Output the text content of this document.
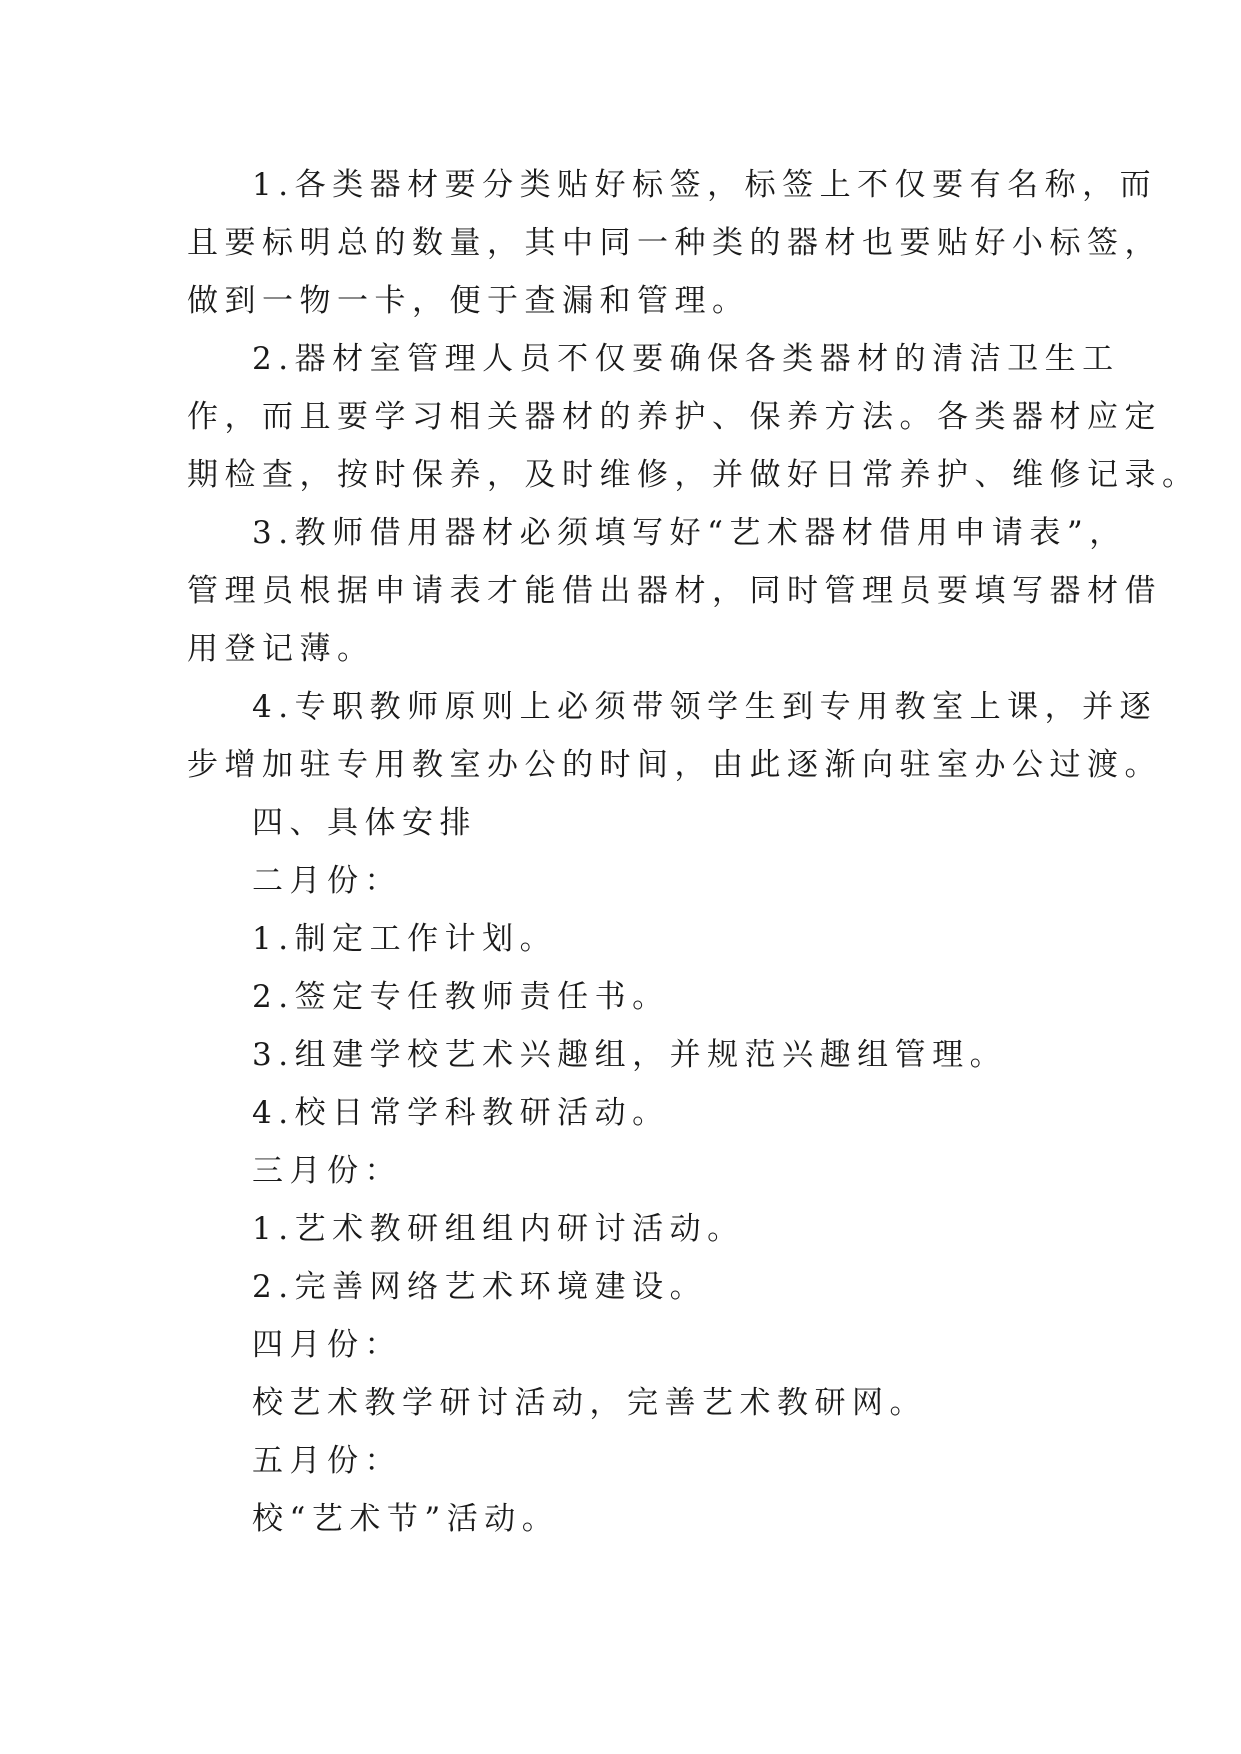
1.各类器材要分类贴好标签，标签上不仅要有名称，而
且要标明总的数量，其中同一种类的器材也要贴好小标签，
做到一物一卡，便于查漏和管理。
2.器材室管理人员不仅要确保各类器材的清洁卫生工
作，而且要学习相关器材的养护、保养方法。各类器材应定
期检查，按时保养，及时维修，并做好日常养护、维修记录。
3.教师借用器材必须填写好“艺术器材借用申请表”，
管理员根据申请表才能借出器材，同时管理员要填写器材借
用登记薄。
4.专职教师原则上必须带领学生到专用教室上课，并逐
步增加驻专用教室办公的时间，由此逐渐向驻室办公过渡。
四、具体安排
二月份：
1.制定工作计划。
2.签定专任教师责任书。
3.组建学校艺术兴趣组，并规范兴趣组管理。
4.校日常学科教研活动。
三月份：
1.艺术教研组组内研讨活动。
2.完善网络艺术环境建设。
四月份：
校艺术教学研讨活动，完善艺术教研网。
五月份：
校“艺术节”活动。
